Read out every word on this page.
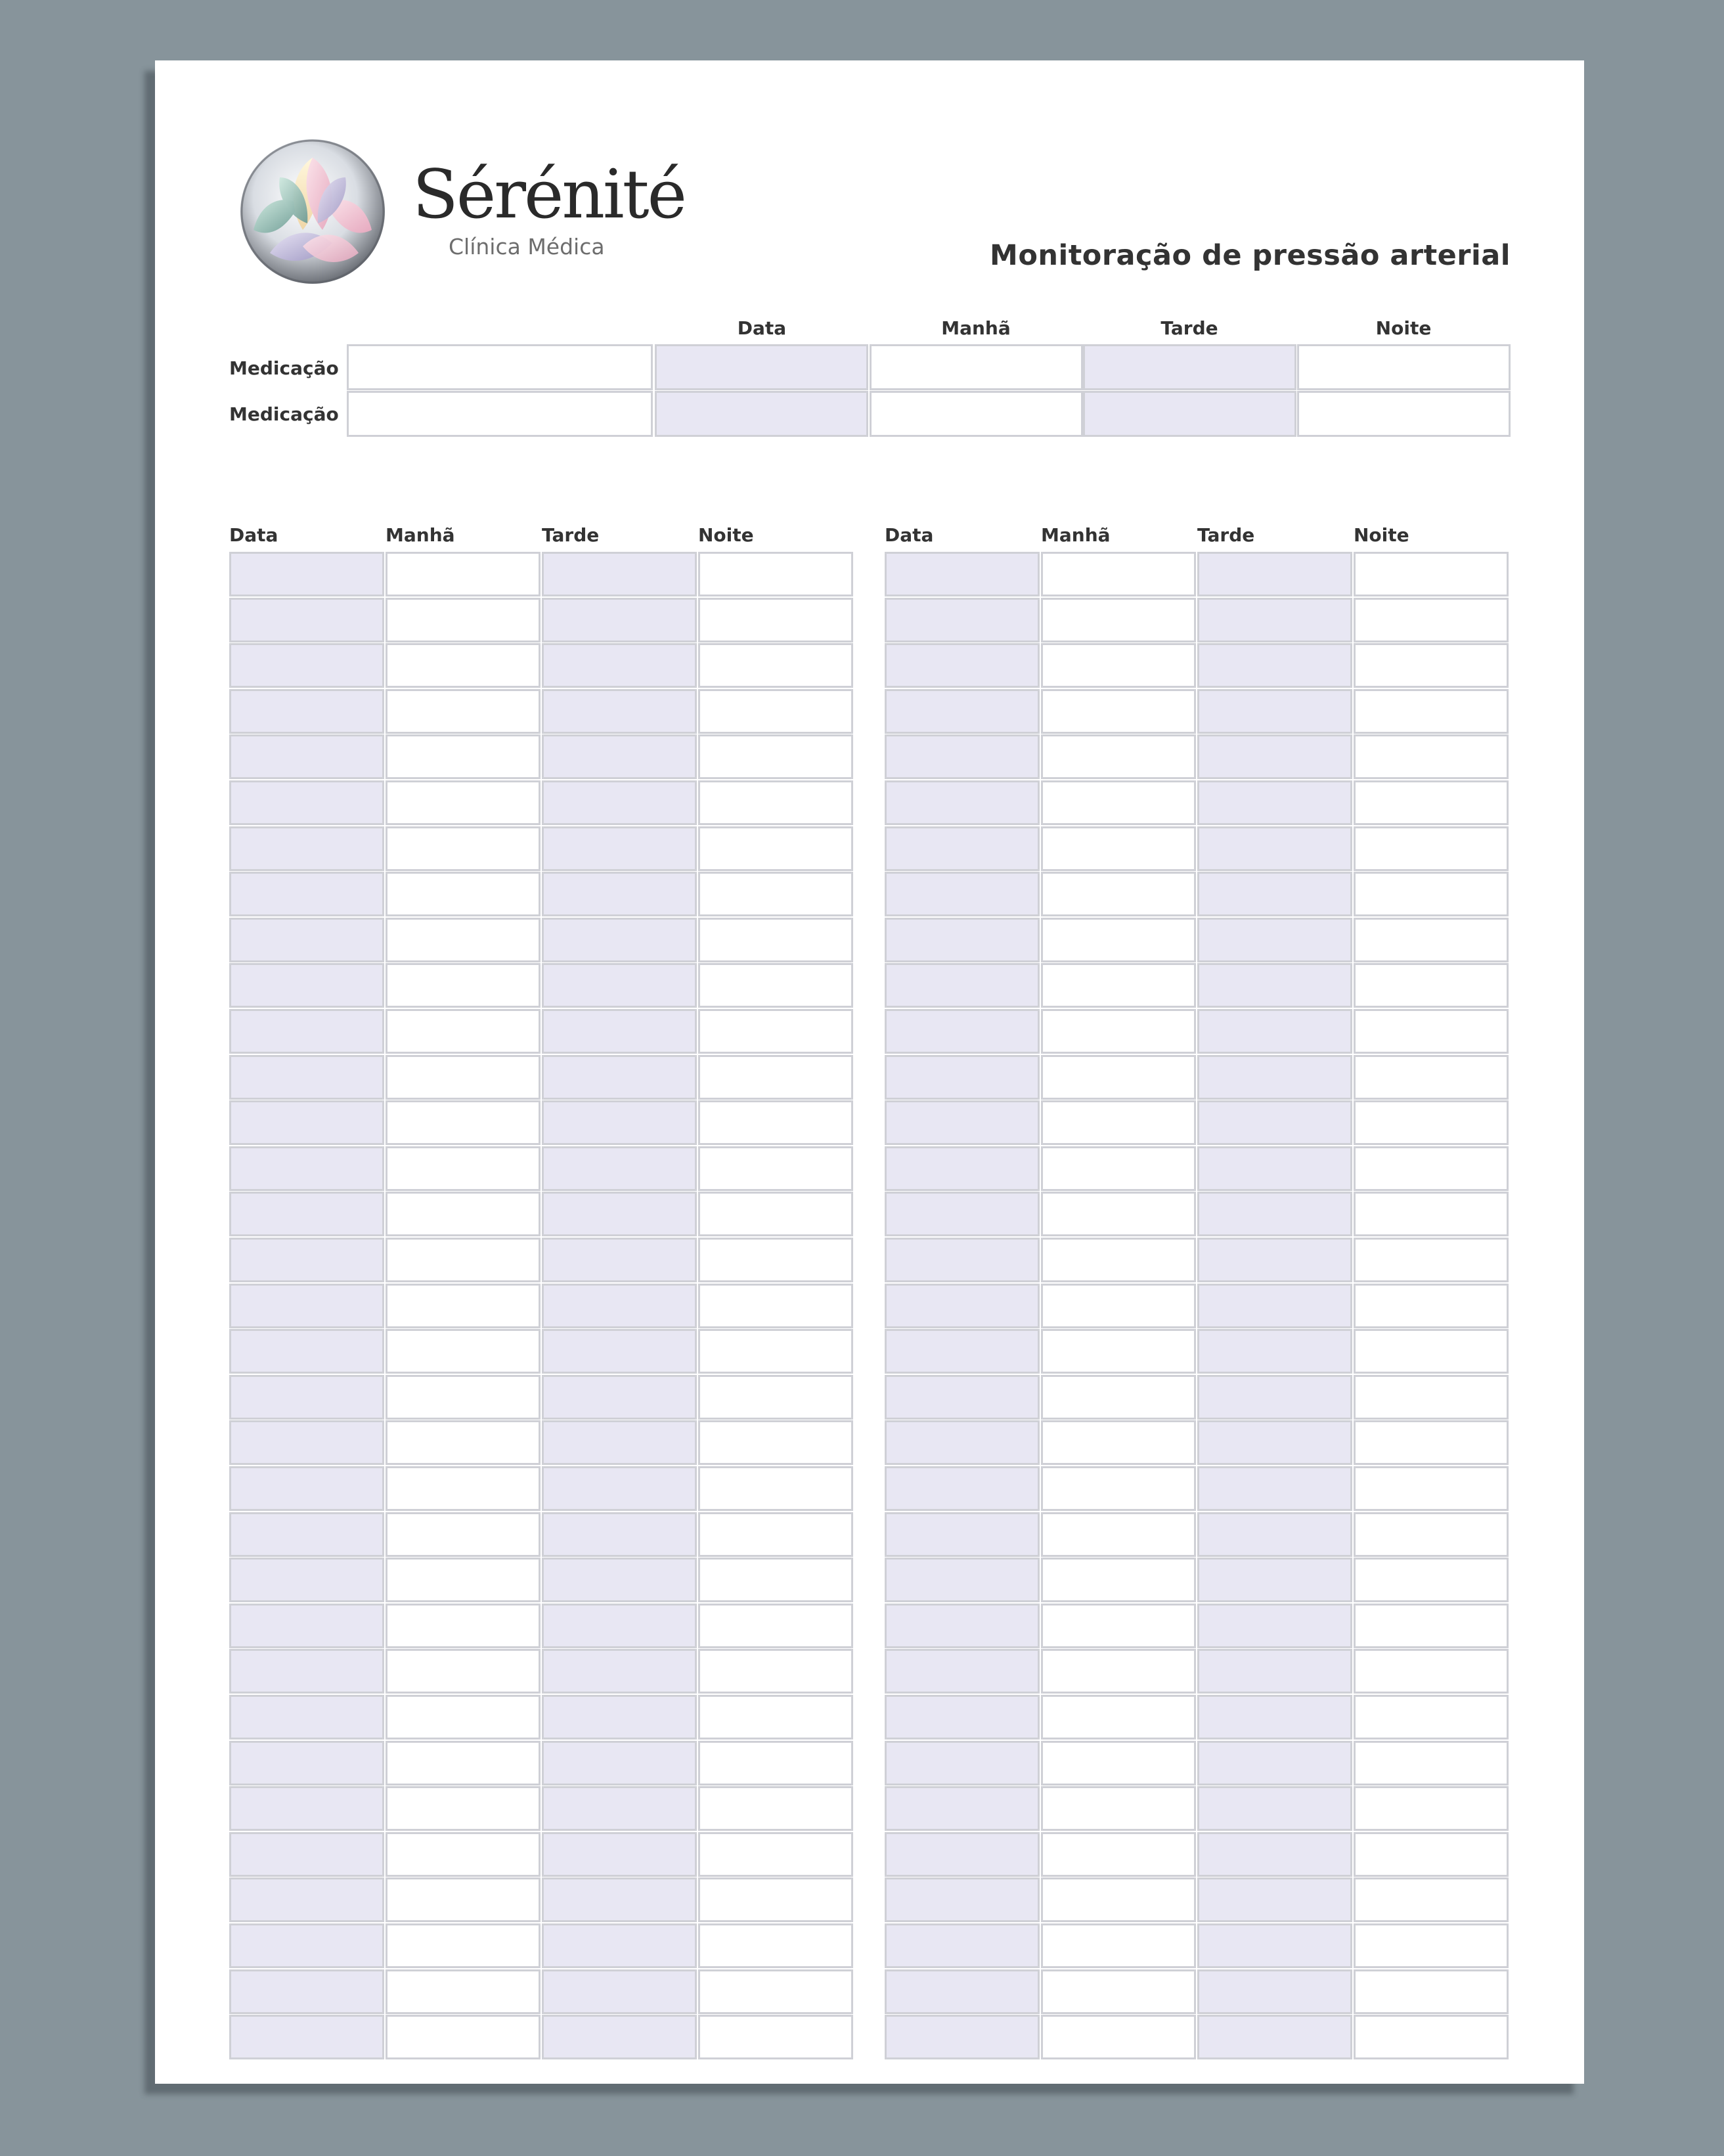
Sérénité
Clínica Médica	Monitoração de pressão arterial
Data	Manhã	Tarde	Noite
Medicação
Medicação
Data	Manhã	Tarde	Noite	Data	Manhã	Tarde	Noite
